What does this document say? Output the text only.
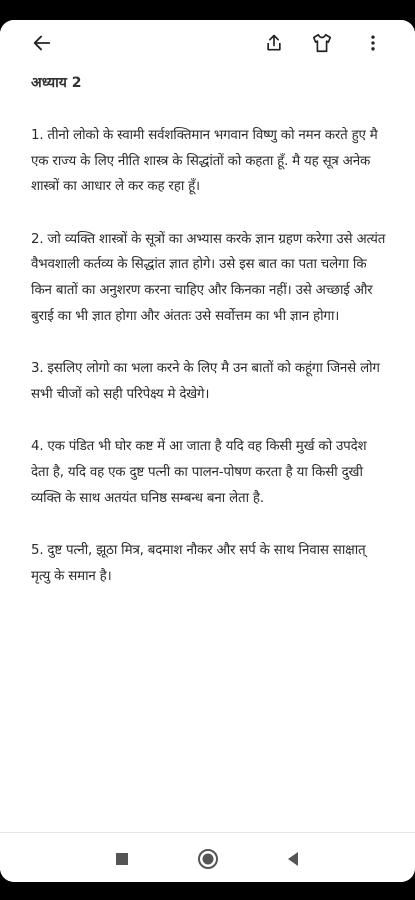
अध्याय 2

1. तीनो लोको के स्वामी सर्वशक्तिमान भगवान विष्णु को नमन करते हुए मै एक राज्य के लिए नीति शास्त्र के सिद्धांतों को कहता हूँ. मै यह सूत्र अनेक शास्त्रों का आधार ले कर कह रहा हूँ।

2. जो व्यक्ति शास्त्रों के सूत्रों का अभ्यास करके ज्ञान ग्रहण करेगा उसे अत्यंत वैभवशाली कर्तव्य के सिद्धांत ज्ञात होगे। उसे इस बात का पता चलेगा कि किन बातों का अनुशरण करना चाहिए और किनका नहीं। उसे अच्छाई और बुराई का भी ज्ञात होगा और अंततः उसे सर्वोत्तम का भी ज्ञान होगा।

3. इसलिए लोगो का भला करने के लिए मै उन बातों को कहूंगा जिनसे लोग सभी चीजों को सही परिपेक्ष्य मे देखेगे।

4. एक पंडित भी घोर कष्ट में आ जाता है यदि वह किसी मुर्ख को उपदेश देता है, यदि वह एक दुष्ट पत्नी का पालन-पोषण करता है या किसी दुखी व्यक्ति के साथ अतयंत घनिष्ठ सम्बन्ध बना लेता है.

5. दुष्ट पत्नी, झूठा मित्र, बदमाश नौकर और सर्प के साथ निवास साक्षात् मृत्यु के समान है।
